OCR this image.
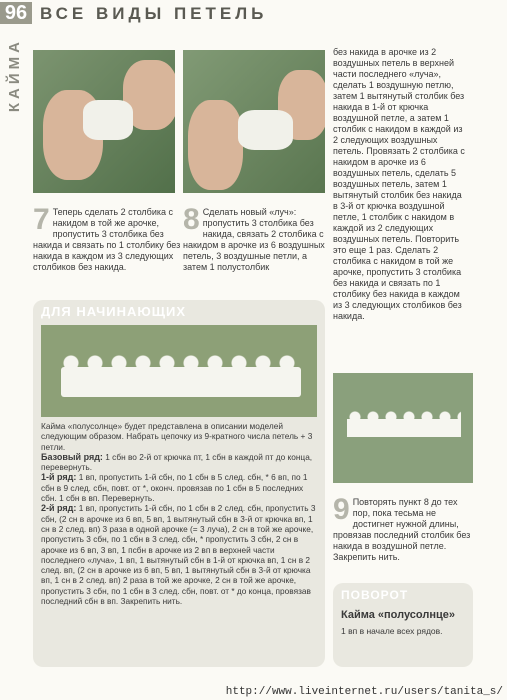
96 ВСЕ ВИДЫ ПЕТЕЛЬ
КАЙМА
7 Теперь сделать 2 столбика с накидом в той же арочке, пропустить 3 столбика без накида и связать по 1 столбику без накида в каждом из 3 следующих столбиков без накида.
8 Сделать новый «луч»: пропустить 3 столбика без накида, связать 2 столбика с накидом в арочке из 6 воздушных петель, 3 воздушные петли, а затем 1 полустолбик
без накида в арочке из 2 воздушных петель в верхней части последнего «луча», сделать 1 воздушную петлю, затем 1 вытянутый столбик без накида в 1-й от крючка воздушной петле, а затем 1 столбик с накидом в каждой из 2 следующих воздушных петель. Провязать 2 столбика с накидом в арочке из 6 воздушных петель, сделать 5 воздушных петель, затем 1 вытянутый столбик без накида в 3-й от крючка воздушной петле, 1 столбик с накидом в каждой из 2 следующих воздушных петель. Повторить это еще 1 раз. Сделать 2 столбика с накидом в той же арочке, пропустить 3 столбика без накида и связать по 1 столбику без накида в каждом из 3 следующих столбиков без накида.
ДЛЯ НАЧИНАЮЩИХ
Кайма «полусолнце» будет представлена в описании моделей следующим образом. Набрать цепочку из 9-кратного числа петель + 3 петли.
Базовый ряд: 1 сбн во 2-й от крючка пт, 1 сбн в каждой пт до конца, перевернуть.
1-й ряд: 1 вп, пропустить 1-й сбн, по 1 сбн в 5 след. сбн, * 6 вп, по 1 сбн в 9 след. сбн, повт. от *, оконч. провязав по 1 сбн в 5 последних сбн. 1 сбн в вп. Перевернуть.
2-й ряд: 1 вп, пропустить 1-й сбн, по 1 сбн в 2 след. сбн, пропустить 3 сбн, (2 сн в арочке из 6 вп, 5 вп, 1 вытянутый сбн в 3-й от крючка вп, 1 сн в 2 след. вп) 3 раза в одной арочке (= 3 луча), 2 сн в той же арочке, пропустить 3 сбн, по 1 сбн в 3 след. сбн, * пропустить 3 сбн, 2 сн в арочке из 6 вп, 3 вп, 1 псбн в арочке из 2 вп в верхней части последнего «луча», 1 вп, 1 вытянутый сбн в 1-й от крючка вп, 1 сн в 2 след. вп, (2 сн в арочке из 6 вп, 5 вп, 1 вытянутый сбн в 3-й от крючка вп, 1 сн в 2 след. вп) 2 раза в той же арочке, 2 сн в той же арочке, пропустить 3 сбн, по 1 сбн в 3 след. сбн, повт. от * до конца, провязав последний сбн в вп. Закрепить нить.
9 Повторять пункт 8 до тех пор, пока тесьма не достигнет нужной длины, провязав последний столбик без накида в воздушной петле. Закрепить нить.
ПОВОРОТ
Кайма «полусолнце»
1 вп в начале всех рядов.
http://www.liveinternet.ru/users/tanita_s/
